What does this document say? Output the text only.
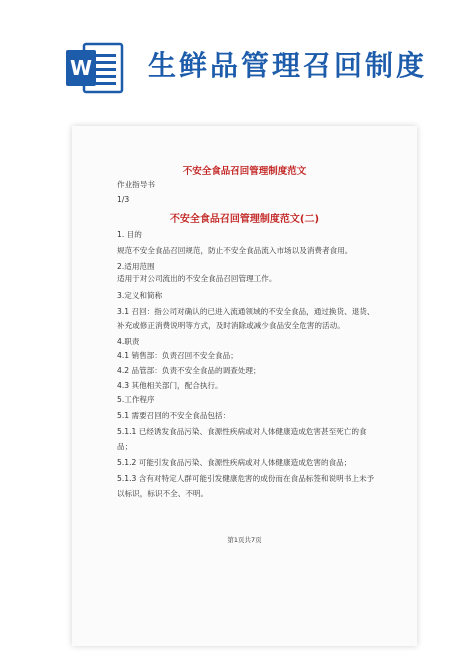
W 生鲜品管理召回制度
不安全食品召回管理制度范文
作业指导书
1/3
不安全食品召回管理制度范文(二)
1. 目的
规范不安全食品召回规范，防止不安全食品流入市场以及消费者食用。
2.适用范围
适用于对公司流出的不安全食品召回管理工作。
3.定义和简称
3.1 召回：指公司对确认的已进入流通领域的不安全食品，通过换货、退货、
补充或修正消费说明等方式，及时消除或减少食品安全危害的活动。
4.职责
4.1 销售部：负责召回不安全食品；
4.2 品管部：负责不安全食品的调查处理；
4.3 其他相关部门，配合执行。
5.工作程序
5.1 需要召回的不安全食品包括：
5.1.1 已经诱发食品污染、食源性疾病或对人体健康造成危害甚至死亡的食
品；
5.1.2 可能引发食品污染、食源性疾病或对人体健康造成危害的食品；
5.1.3 含有对特定人群可能引发健康危害的成份而在食品标签和说明书上未予
以标识，标识不全、不明。
第1页共7页
